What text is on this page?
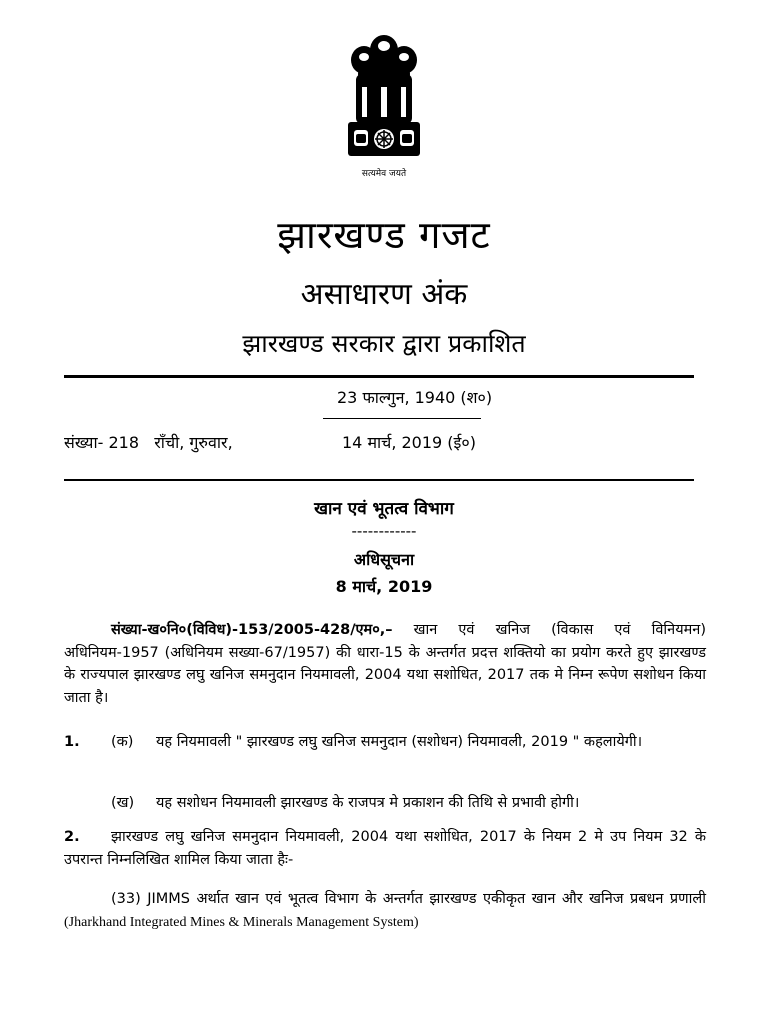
सत्यमेव जयते
झारखण्ड गजट
असाधारण अंक
झारखण्ड सरकार द्वारा प्रकाशित
23 फाल्गुन, 1940 (श०)
संख्या- 218   राँची, गुरुवार,	14 मार्च, 2019 (ई०)
खान एवं भूतत्व विभाग
------------
अधिसूचना
8 मार्च, 2019
संख्या-ख०नि०(विविध)-153/2005-428/एम०,– खान एवं खनिज (विकास एवं विनियमन) अधिनियम-1957 (अधिनियम सख्या-67/1957) की धारा-15 के अन्तर्गत प्रदत्त शक्तियो का प्रयोग करते हुए झारखण्ड के राज्यपाल झारखण्ड लघु खनिज समनुदान नियमावली, 2004 यथा सशोधित, 2017 तक मे निम्न रूपेण सशोधन किया जाता है।
1. (क) यह नियमावली " झारखण्ड लघु खनिज समनुदान (सशोधन) नियमावली, 2019 " कहलायेगी।
(ख) यह सशोधन नियमावली झारखण्ड के राजपत्र मे प्रकाशन की तिथि से प्रभावी होगी।
2. झारखण्ड लघु खनिज समनुदान नियमावली, 2004 यथा सशोधित, 2017 के नियम 2 मे उप नियम 32 के उपरान्त निम्नलिखित शामिल किया जाता हैः-
(33) JIMMS अर्थात खान एवं भूतत्व विभाग के अन्तर्गत झारखण्ड एकीकृत खान और खनिज प्रबधन प्रणाली (Jharkhand Integrated Mines & Minerals Management System)
